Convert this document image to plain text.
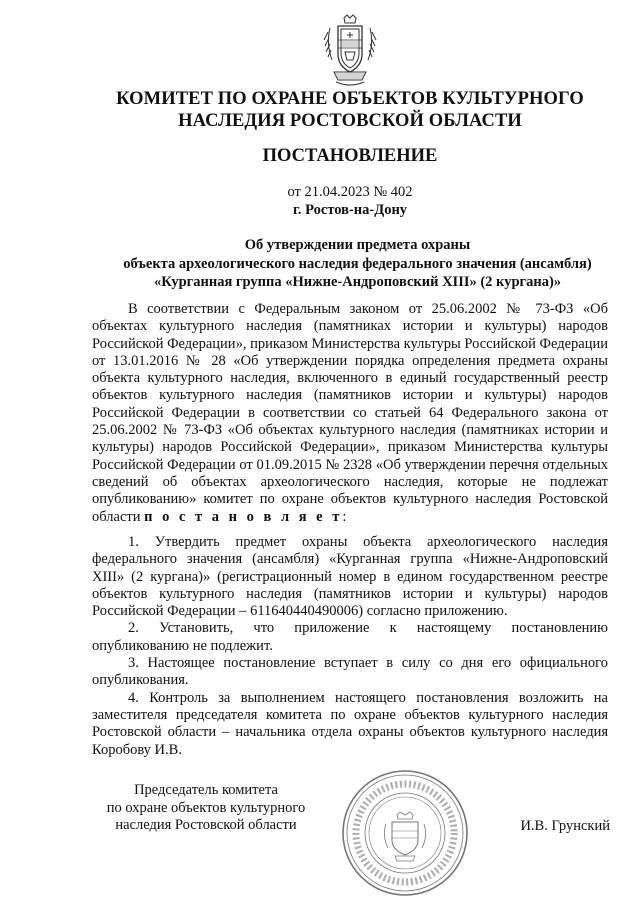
КОМИТЕТ ПО ОХРАНЕ ОБЪЕКТОВ КУЛЬТУРНОГО
НАСЛЕДИЯ РОСТОВСКОЙ ОБЛАСТИ
ПОСТАНОВЛЕНИЕ
от 21.04.2023 № 402
г. Ростов-на-Дону
Об утверждении предмета охраны
объекта археологического наследия федерального значения (ансамбля)
«Курганная группа «Нижне-Андроповский XIII» (2 кургана)»

В соответствии с Федеральным законом от 25.06.2002 № 73-ФЗ «Об объектах культурного наследия (памятниках истории и культуры) народов Российской Федерации», приказом Министерства культуры Российской Федерации от 13.01.2016 № 28 «Об утверждении порядка определения предмета охраны объекта культурного наследия, включенного в единый государственный реестр объектов культурного наследия (памятников истории и культуры) народов Российской Федерации в соответствии со статьей 64 Федерального закона от 25.06.2002 № 73-ФЗ «Об объектах культурного наследия (памятниках истории и культуры) народов Российской Федерации», приказом Министерства культуры Российской Федерации от 01.09.2015 № 2328 «Об утверждении перечня отдельных сведений об объектах археологического наследия, которые не подлежат опубликованию» комитет по охране объектов культурного наследия Ростовской области п о с т а н о в л я е т:

1. Утвердить предмет охраны объекта археологического наследия федерального значения (ансамбля) «Курганная группа «Нижне-Андроповский XIII» (2 кургана)» (регистрационный номер в едином государственном реестре объектов культурного наследия (памятников истории и культуры) народов Российской Федерации – 611640440490006) согласно приложению.

2. Установить, что приложение к настоящему постановлению опубликованию не подлежит.

3. Настоящее постановление вступает в силу со дня его официального опубликования.

4. Контроль за выполнением настоящего постановления возложить на заместителя председателя комитета по охране объектов культурного наследия Ростовской области – начальника отдела охраны объектов культурного наследия Коробову И.В.

Председатель комитета
по охране объектов культурного
наследия Ростовской области	И.В. Грунский
